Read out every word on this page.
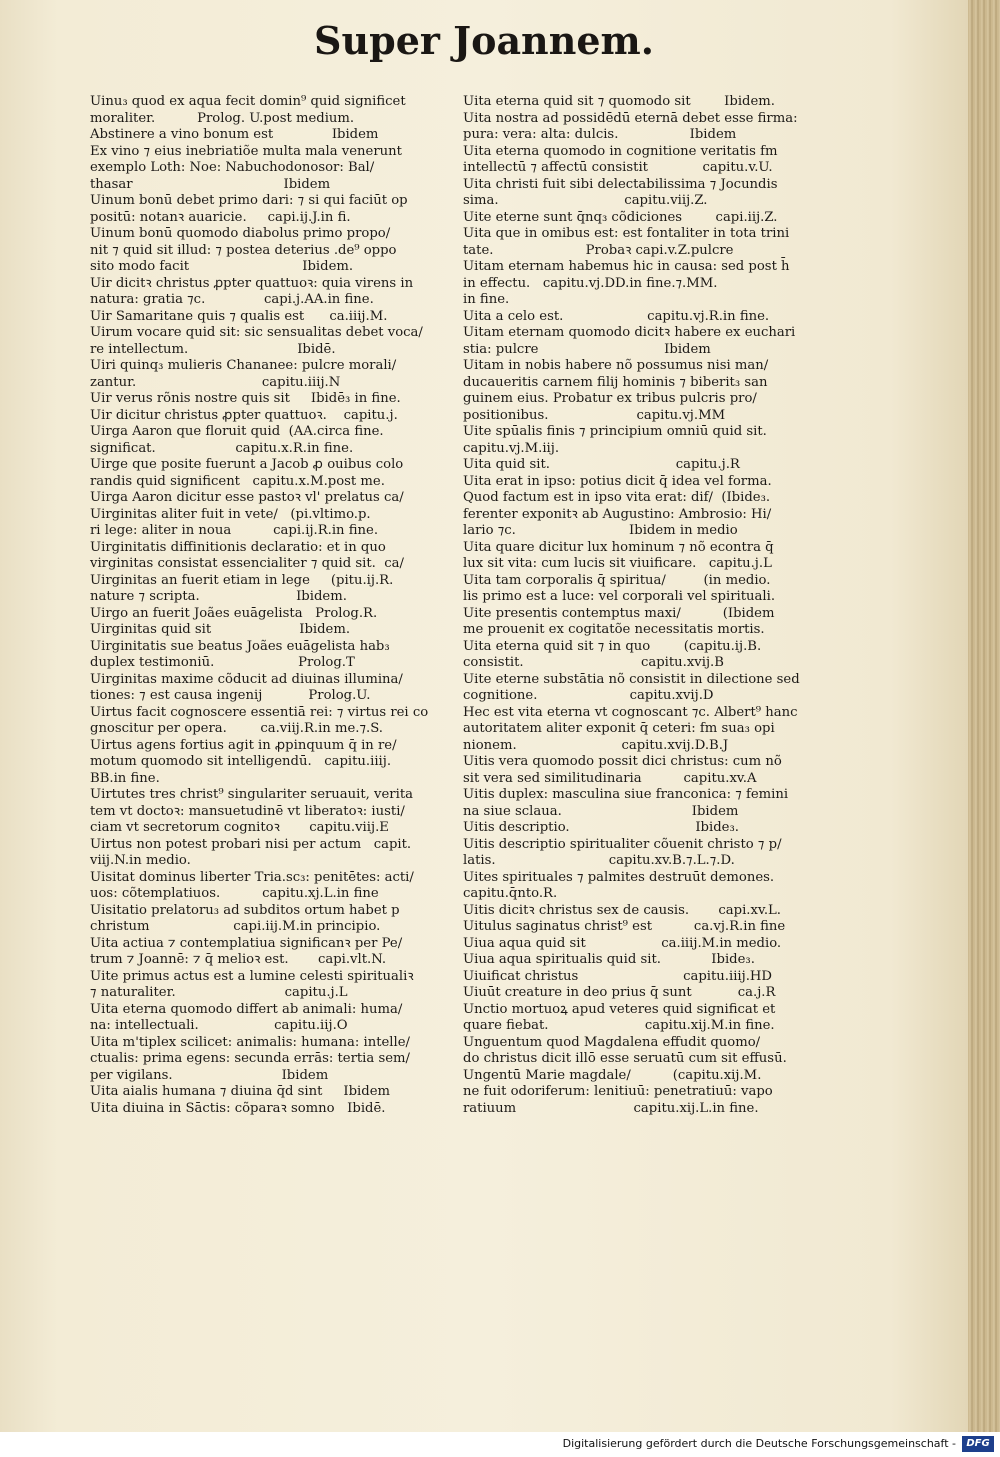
Super Joannem.
Uinu₃ quod ex aqua fecit domin⁹ quid significet
moraliter.          Prolog. U.post medium.
Abstinere a vino bonum est              Ibidem
Ex vino ⁊ eius inebriatiõe multa mala venerunt
exemplo Loth: Noe: Nabuchodonosor: Bal/
thasar                                    Ibidem
Uinum bonū debet primo dari: ⁊ si qui faciūt op
positū: notanꝛ auaricie.     capi.ij.J.in fi.
Uinum bonū quomodo diabolus primo propo/
nit ⁊ quid sit illud: ⁊ postea deterius .de⁹ oppo
sito modo facit                           Ibidem.
Uir dicitꝛ christus ꝓpter quattuoꝛ: quia virens in
natura: gratia ⁊c.              capi.j.AA.in fine.
Uir Samaritane quis ⁊ qualis est      ca.iiij.M.
Uirum vocare quid sit: sic sensualitas debet voca/
re intellectum.                          Ibidē.
Uiri quinq₃ mulieris Chananee: pulcre morali/
zantur.                              capitu.iiij.N
Uir verus rõnis nostre quis sit     Ibidē₃ in fine.
Uir dicitur christus ꝓpter quattuoꝛ.    capitu.j.
Uirga Aaron que floruit quid  (AA.circa fine.
significat.                   capitu.x.R.in fine.
Uirge que posite fuerunt a Jacob ꝓ ouibus colo
randis quid significent   capitu.x.M.post me.
Uirga Aaron dicitur esse pastoꝛ vl' prelatus ca/
Uirginitas aliter fuit in vete/   (pi.vltimo.p.
ri lege: aliter in noua          capi.ij.R.in fine.
Uirginitatis diffinitionis declaratio: et in quo
virginitas consistat essencialiter ⁊ quid sit.  ca/
Uirginitas an fuerit etiam in lege     (pitu.ij.R.
nature ⁊ scripta.                       Ibidem.
Uirgo an fuerit Joães euāgelista   Prolog.R.
Uirginitas quid sit                     Ibidem.
Uirginitatis sue beatus Joães euāgelista hab₃
duplex testimoniū.                    Prolog.T
Uirginitas maxime cõducit ad diuinas illumina/
tiones: ⁊ est causa ingenij           Prolog.U.
Uirtus facit cognoscere essentiā rei: ⁊ virtus rei co
gnoscitur per opera.        ca.viij.R.in me.⁊.S.
Uirtus agens fortius agit in ꝓpinquum q̄ in re/
motum quomodo sit intelligendū.   capitu.iiij.
BB.in fine.
Uirtutes tres christ⁹ singulariter seruauit, verita
tem vt doctoꝛ: mansuetudinē vt liberatoꝛ: iusti/
ciam vt secretorum cognitoꝛ       capitu.viij.E
Uirtus non potest probari nisi per actum   capit.
viij.N.in medio.
Uisitat dominus liberter Tria.sc₃: penitētes: acti/
uos: cõtemplatiuos.          capitu.xj.L.in fine
Uisitatio prelatoru₃ ad subditos ortum habet p
christum                    capi.iij.M.in principio.
Uita actiua ⁊ contemplatiua significanꝛ per Pe/
trum ⁊ Joannē: ⁊ q̄ melioꝛ est.       capi.vlt.N.
Uite primus actus est a lumine celesti spiritualiꝛ
⁊ naturaliter.                          capitu.j.L
Uita eterna quomodo differt ab animali: huma/
na: intellectuali.                  capitu.iij.O
Uita m'tiplex scilicet: animalis: humana: intelle/
ctualis: prima egens: secunda errās: tertia sem/
per vigilans.                          Ibidem
Uita aialis humana ⁊ diuina q̄d sint     Ibidem
Uita diuina in Sāctis: cõparaꝛ somno   Ibidē.
Uita eterna quid sit ⁊ quomodo sit        Ibidem.
Uita nostra ad possidēdū eternā debet esse firma:
pura: vera: alta: dulcis.                 Ibidem
Uita eterna quomodo in cognitione veritatis fm
intellectū ⁊ affectū consistit             capitu.v.U.
Uita christi fuit sibi delectabilissima ⁊ Jocundis
sima.                              capitu.viij.Z.
Uite eterne sunt q̄nq₃ cõdiciones        capi.iij.Z.
Uita que in omibus est: est fontaliter in tota trini
tate.                      Probaꝛ capi.v.Z.pulcre
Uitam eternam habemus hic in causa: sed post h̄
in effectu.   capitu.vj.DD.in fine.⁊.MM.
in fine.
Uita a celo est.                    capitu.vj.R.in fine.
Uitam eternam quomodo dicitꝛ habere ex euchari
stia: pulcre                              Ibidem
Uitam in nobis habere nõ possumus nisi man/
ducaueritis carnem filij hominis ⁊ biberit₃ san
guinem eius. Probatur ex tribus pulcris pro/
positionibus.                     capitu.vj.MM
Uite spūalis finis ⁊ principium omniū quid sit.
capitu.vj.M.iij.
Uita quid sit.                              capitu.j.R
Uita erat in ipso: potius dicit q̄ idea vel forma.
Quod factum est in ipso vita erat: dif/  (Ibide₃.
ferenter exponitꝛ ab Augustino: Ambrosio: Hi/
lario ⁊c.                           Ibidem in medio
Uita quare dicitur lux hominum ⁊ nõ econtra q̄
lux sit vita: cum lucis sit viuificare.   capitu.j.L
Uita tam corporalis q̄ spiritua/         (in medio.
lis primo est a luce: vel corporali vel spirituali.
Uite presentis contemptus maxi/          (Ibidem
me prouenit ex cogitatõe necessitatis mortis.
Uita eterna quid sit ⁊ in quo        (capitu.ij.B.
consistit.                            capitu.xvij.B
Uite eterne substātia nõ consistit in dilectione sed
cognitione.                      capitu.xvij.D
Hec est vita eterna vt cognoscant ⁊c. Albert⁹ hanc
autoritatem aliter exponit q̄ ceteri: fm sua₃ opi
nionem.                         capitu.xvij.D.B.J
Uitis vera quomodo possit dici christus: cum nõ
sit vera sed similitudinaria          capitu.xv.A
Uitis duplex: masculina siue franconica: ⁊ femini
na siue sclaua.                               Ibidem
Uitis descriptio.                              Ibide₃.
Uitis descriptio spiritualiter cõuenit christo ⁊ p/
latis.                           capitu.xv.B.⁊.L.⁊.D.
Uites spirituales ⁊ palmites destruūt demones.
capitu.q̄nto.R.
Uitis dicitꝛ christus sex de causis.       capi.xv.L.
Uitulus saginatus christ⁹ est          ca.vj.R.in fine
Uiua aqua quid sit                  ca.iiij.M.in medio.
Uiua aqua spiritualis quid sit.            Ibide₃.
Uiuificat christus                         capitu.iiij.HD
Uiuūt creature in deo prius q̄ sunt           ca.j.R
Unctio mortuoꝝ apud veteres quid significat et
quare fiebat.                       capitu.xij.M.in fine.
Unguentum quod Magdalena effudit quomo/
do christus dicit illō esse seruatū cum sit effusū.
Ungentū Marie magdale/          (capitu.xij.M.
ne fuit odoriferum: lenitiuū: penetratiuū: vapo
ratiuum                            capitu.xij.L.in fine.
Digitalisierung gefördert durch die Deutsche Forschungsgemeinschaft -	DFG
